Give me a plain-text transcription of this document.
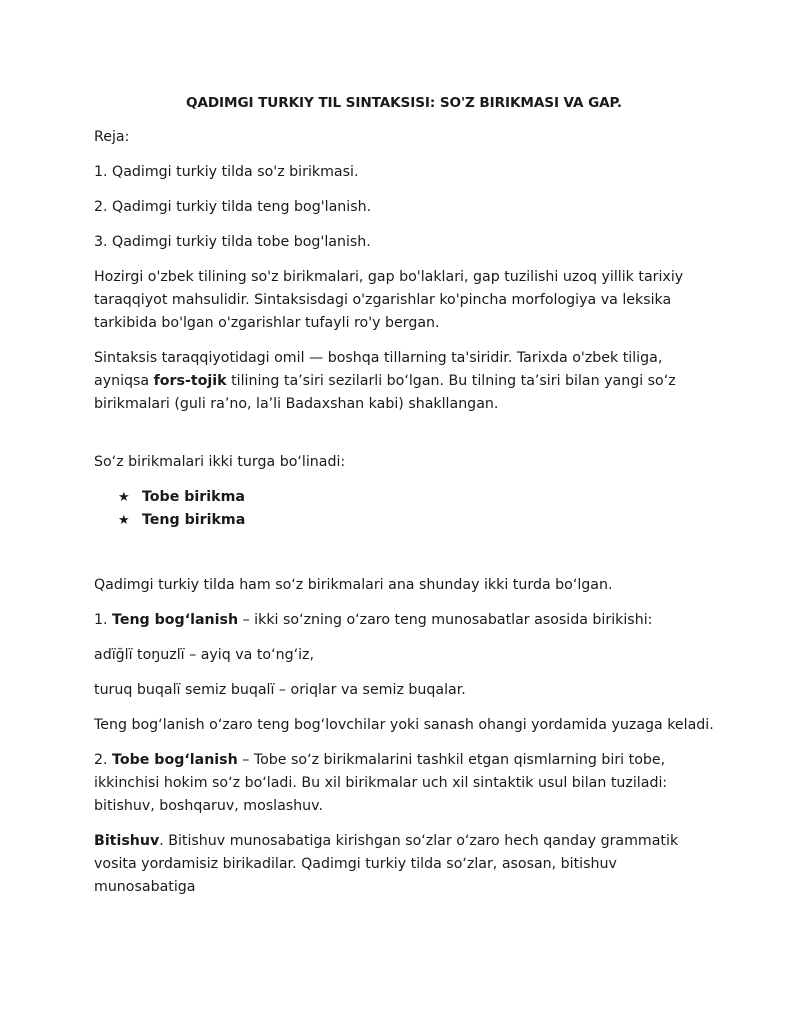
QADIMGI TURKIY TIL SINTAKSISI: SO'Z BIRIKMASI VA GAP.

Reja:

1. Qadimgi turkiy tilda so'z birikmasi.

2. Qadimgi turkiy tilda teng bog'lanish.

3. Qadimgi turkiy tilda tobe bog'lanish.

Hozirgi o'zbek tilining so'z birikmalari, gap bo'laklari, gap tuzilishi uzoq yillik tarixiy taraqqiyot mahsulidir. Sintaksisdagi o'zgarishlar ko'pincha morfologiya va leksika tarkibida bo'lgan o'zgarishlar tufayli ro'y bergan.

Sintaksis taraqqiyotidagi omil — boshqa tillarning ta'siridir. Tarixda o'zbek tiliga, ayniqsa fors-tojik tilining ta’siri sezilarli bo‘lgan. Bu tilning ta’siri bilan yangi so‘z birikmalari (guli ra’no, la’li Badaxshan kabi) shakllangan.

So‘z birikmalari ikki turga bo‘linadi:

★ Tobe birikma
★ Teng birikma

Qadimgi turkiy tilda ham so‘z birikmalari ana shunday ikki turda bo‘lgan.

1. Teng bog‘lanish – ikki so‘zning o‘zaro teng munosabatlar asosida birikishi:

adïğlï toŋuzlï – ayiq va to‘ng‘iz,

turuq buqalï semiz buqalï – oriqlar va semiz buqalar.

Teng bog‘lanish o‘zaro teng bog‘lovchilar yoki sanash ohangi yordamida yuzaga keladi.

2. Tobe bog‘lanish – Tobe so‘z birikmalarini tashkil etgan qismlarning biri tobe, ikkinchisi hokim so‘z bo‘ladi. Bu xil birikmalar uch xil sintaktik usul bilan tuziladi: bitishuv, boshqaruv, moslashuv.

Bitishuv. Bitishuv munosabatiga kirishgan so‘zlar o‘zaro hech qanday grammatik vosita yordamisiz birikadilar. Qadimgi turkiy tilda so‘zlar, asosan, bitishuv munosabatiga
